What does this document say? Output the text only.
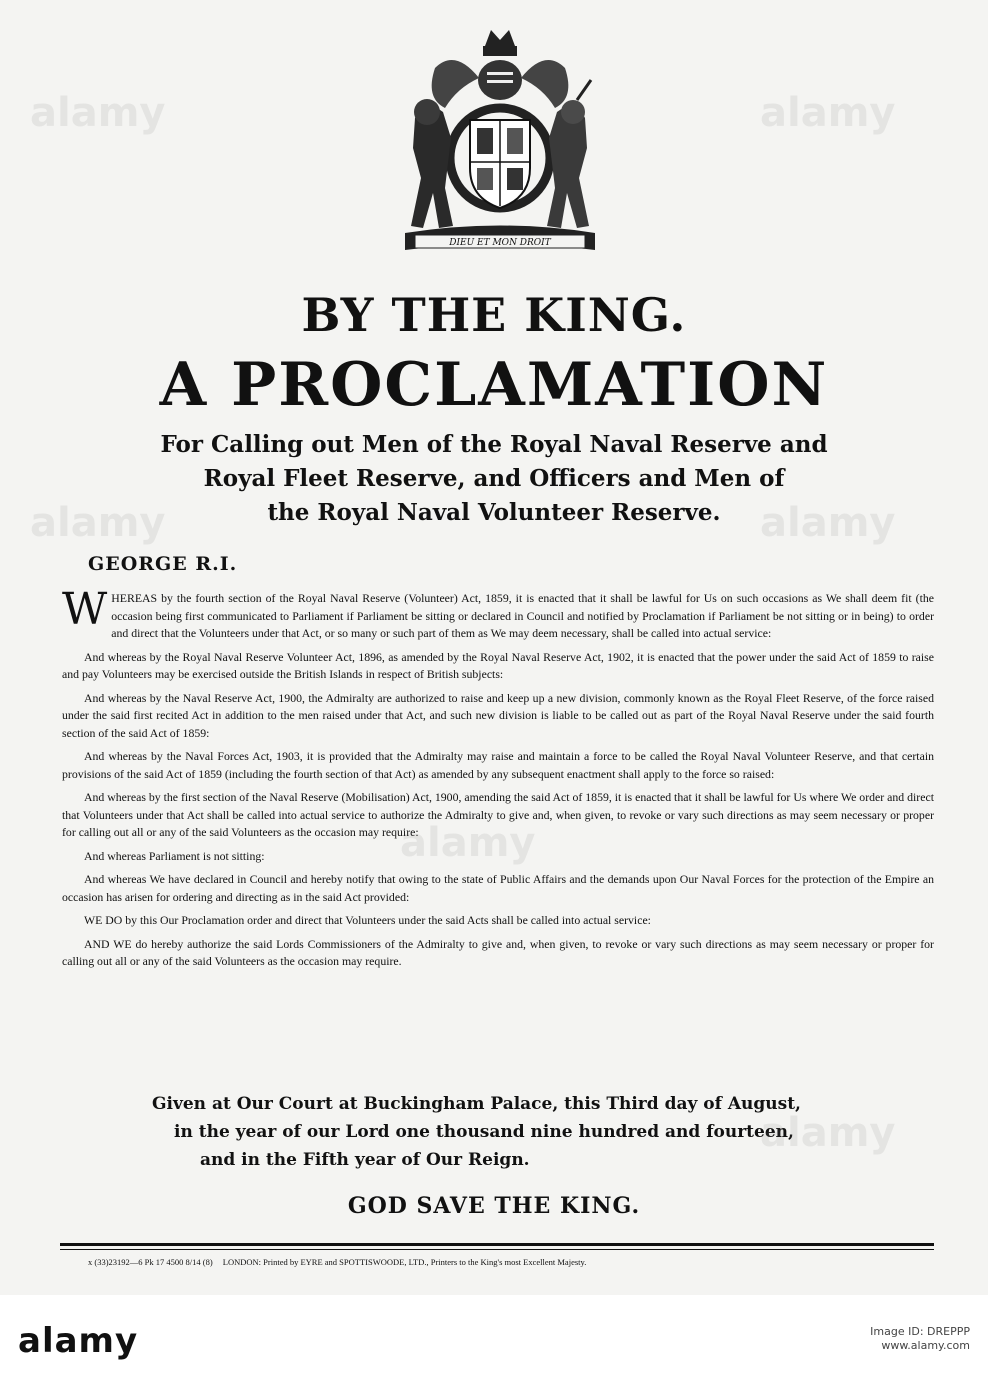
DIEU ET MON DROIT
BY THE KING.
A PROCLAMATION
For Calling out Men of the Royal Naval Reserve and
Royal Fleet Reserve, and Officers and Men of
the Royal Naval Volunteer Reserve.
GEORGE R.I.

WHEREAS by the fourth section of the Royal Naval Reserve (Volunteer) Act, 1859, it is enacted that it shall be lawful for Us on such occasions as We shall deem fit (the occasion being first communicated to Parliament if Parliament be sitting or declared in Council and notified by Proclamation if Parliament be not sitting or in being) to order and direct that the Volunteers under that Act, or so many or such part of them as We may deem necessary, shall be called into actual service:

And whereas by the Royal Naval Reserve Volunteer Act, 1896, as amended by the Royal Naval Reserve Act, 1902, it is enacted that the power under the said Act of 1859 to raise and pay Volunteers may be exercised outside the British Islands in respect of British subjects:

And whereas by the Naval Reserve Act, 1900, the Admiralty are authorized to raise and keep up a new division, commonly known as the Royal Fleet Reserve, of the force raised under the said first recited Act in addition to the men raised under that Act, and such new division is liable to be called out as part of the Royal Naval Reserve under the said fourth section of the said Act of 1859:

And whereas by the Naval Forces Act, 1903, it is provided that the Admiralty may raise and maintain a force to be called the Royal Naval Volunteer Reserve, and that certain provisions of the said Act of 1859 (including the fourth section of that Act) as amended by any subsequent enactment shall apply to the force so raised:

And whereas by the first section of the Naval Reserve (Mobilisation) Act, 1900, amending the said Act of 1859, it is enacted that it shall be lawful for Us where We order and direct that Volunteers under that Act shall be called into actual service to authorize the Admiralty to give and, when given, to revoke or vary such directions as may seem necessary or proper for calling out all or any of the said Volunteers as the occasion may require:

And whereas Parliament is not sitting:

And whereas We have declared in Council and hereby notify that owing to the state of Public Affairs and the demands upon Our Naval Forces for the protection of the Empire an occasion has arisen for ordering and directing as in the said Act provided:

WE DO by this Our Proclamation order and direct that Volunteers under the said Acts shall be called into actual service:

AND WE do hereby authorize the said Lords Commissioners of the Admiralty to give and, when given, to revoke or vary such directions as may seem necessary or proper for calling out all or any of the said Volunteers as the occasion may require.

Given at Our Court at Buckingham Palace, this Third day of August,
in the year of our Lord one thousand nine hundred and fourteen,
and in the Fifth year of Our Reign.
GOD SAVE THE KING.
x (33)23192—6 Pk 17 4500 8/14 (8) LONDON: Printed by EYRE and SPOTTISWOODE, LTD., Printers to the King's most Excellent Majesty.
alamy	alamy
alamy
alamy
alamy
alamy
alamy	Image ID: DREPPP
www.alamy.com
